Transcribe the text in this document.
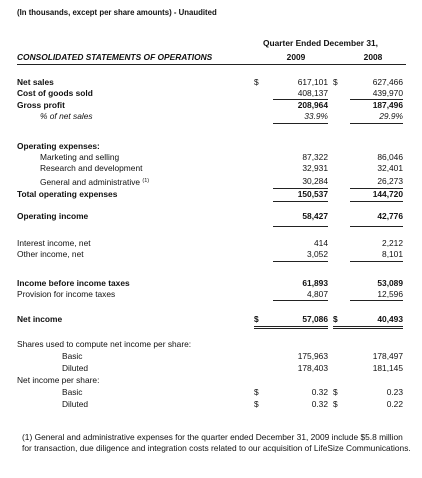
(In thousands, except per share amounts) - Unaudited
Quarter Ended December 31,
CONSOLIDATED STATEMENTS OF OPERATIONS	2009	2008
Net sales	$	617,101 $	627,466
Cost of goods sold	408,137	439,970
Gross profit	208,964	187,496
% of net sales	33.9%	29.9%
Operating expenses:
Marketing and selling	87,322	86,046
Research and development	32,931	32,401
General and administrative $^{(1)}$	30,284	26,273
Total operating expenses	150,537	144,720
Operating income	58,427	42,776
Interest income, net	414	2,212
Other income, net	3,052	8,101
Income before income taxes	61,893	53,089
Provision for income taxes	4,807	12,596
Net income	$	57,086 $	40,493
Shares used to compute net income per share:
Basic	175,963	178,497
Diluted	178,403	181,145
Net income per share:
Basic	$	0.32 $	0.23
Diluted	$	0.32 $	0.22
(1) General and administrative expenses for the quarter ended December 31, 2009 include $5.8 million for transaction, due diligence and integration costs related to our acquisition of LifeSize Communications.
